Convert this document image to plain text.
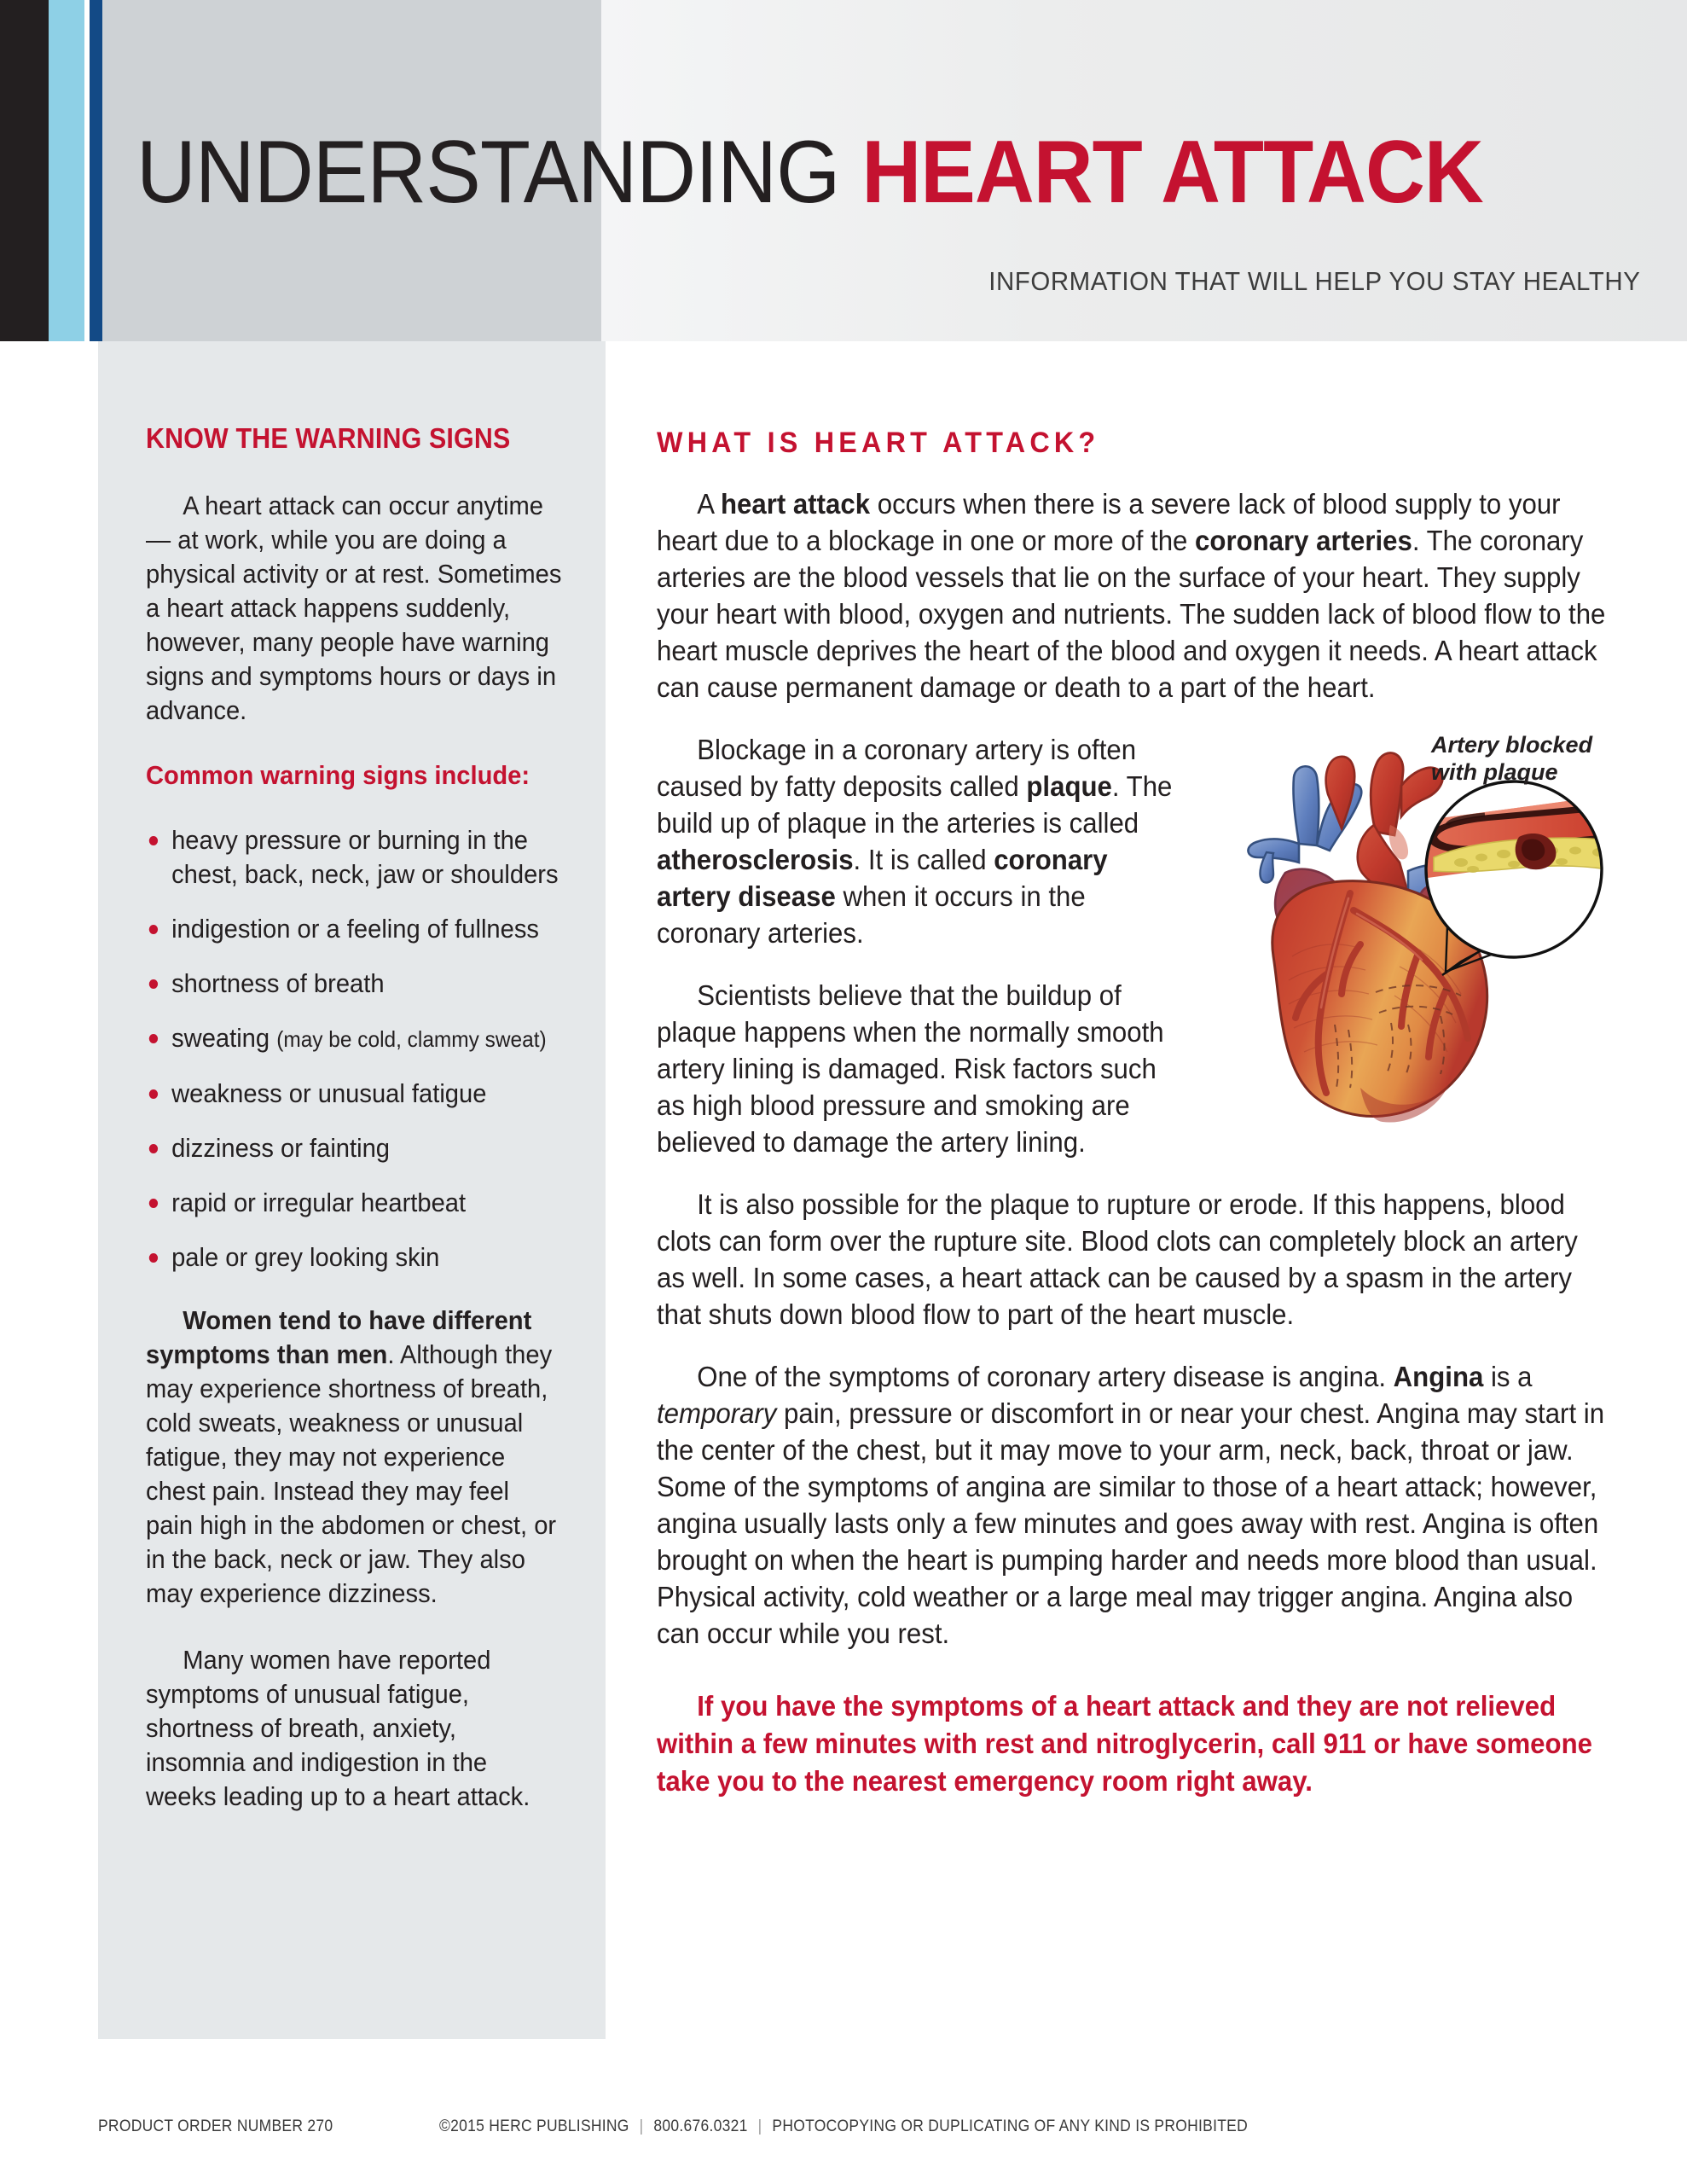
UNDERSTANDING HEART ATTACK
INFORMATION THAT WILL HELP YOU STAY HEALTHY
KNOW THE WARNING SIGNS

A heart attack can occur anytime — at work, while you are doing a physical activity or at rest. Sometimes a heart attack happens suddenly, however, many people have warning signs and symptoms hours or days in advance.

Common warning signs include:
heavy pressure or burning in the chest, back, neck, jaw or shoulders
indigestion or a feeling of fullness
shortness of breath
sweating (may be cold, clammy sweat)
weakness or unusual fatigue
dizziness or fainting
rapid or irregular heartbeat
pale or grey looking skin

Women tend to have different symptoms than men. Although they may experience shortness of breath, cold sweats, weakness or unusual fatigue, they may not experience chest pain. Instead they may feel pain high in the abdomen or chest, or in the back, neck or jaw. They also may experience dizziness.

Many women have reported symptoms of unusual fatigue, shortness of breath, anxiety, insomnia and indigestion in the weeks leading up to a heart attack.

WHAT IS HEART ATTACK?

A heart attack occurs when there is a severe lack of blood supply to your heart due to a blockage in one or more of the coronary arteries. The coronary arteries are the blood vessels that lie on the surface of your heart. They supply your heart with blood, oxygen and nutrients. The sudden lack of blood flow to the heart muscle deprives the heart of the blood and oxygen it needs. A heart attack can cause permanent damage or death to a part of the heart.

Artery blocked
with plaque

Blockage in a coronary artery is often caused by fatty deposits called plaque. The build up of plaque in the arteries is called atherosclerosis. It is called coronary artery disease when it occurs in the coronary arteries.

Scientists believe that the buildup of plaque happens when the normally smooth artery lining is damaged. Risk factors such as high blood pressure and smoking are believed to damage the artery lining.

It is also possible for the plaque to rupture or erode. If this happens, blood clots can form over the rupture site. Blood clots can completely block an artery as well. In some cases, a heart attack can be caused by a spasm in the artery that shuts down blood flow to part of the heart muscle.

One of the symptoms of coronary artery disease is angina. Angina is a temporary pain, pressure or discomfort in or near your chest. Angina may start in the center of the chest, but it may move to your arm, neck, back, throat or jaw. Some of the symptoms of angina are similar to those of a heart attack; however, angina usually lasts only a few minutes and goes away with rest. Angina is often brought on when the heart is pumping harder and needs more blood than usual. Physical activity, cold weather or a large meal may trigger angina. Angina also can occur while you rest.

If you have the symptoms of a heart attack and they are not relieved within a few minutes with rest and nitroglycerin, call 911 or have someone take you to the nearest emergency room right away.

PRODUCT ORDER NUMBER 270	©2015 HERC PUBLISHING | 800.676.0321 | PHOTOCOPYING OR DUPLICATING OF ANY KIND IS PROHIBITED
